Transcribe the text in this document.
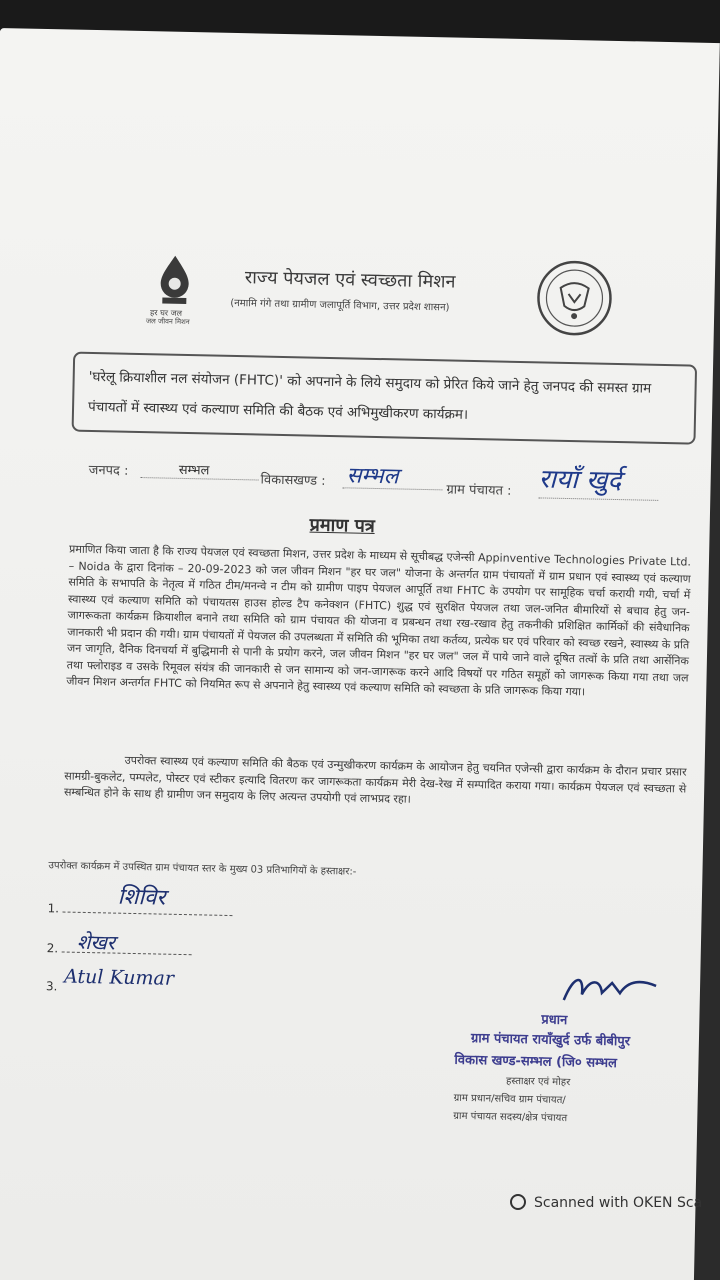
हर घर जल
जल जीवन मिशन
राज्य पेयजल एवं स्वच्छता मिशन
(नमामि गंगे तथा ग्रामीण जलापूर्ति विभाग, उत्तर प्रदेश शासन)
'घरेलू क्रियाशील नल संयोजन (FHTC)' को अपनाने के लिये समुदाय को प्रेरित किये जाने हेतु जनपद की समस्त ग्राम पंचायतों में स्वास्थ्य एवं कल्याण समिति की बैठक एवं अभिमुखीकरण कार्यक्रम।
जनपद :	सम्भल
विकासखण्ड : सम्भल
ग्राम पंचायत : रायाँ खुर्द
प्रमाण पत्र
प्रमाणित किया जाता है कि राज्य पेयजल एवं स्वच्छता मिशन, उत्तर प्रदेश के माध्यम से सूचीबद्ध एजेन्सी Appinventive Technologies Private Ltd. – Noida के द्वारा दिनांक – 20-09-2023 को जल जीवन मिशन "हर घर जल" योजना के अन्तर्गत ग्राम पंचायतों में ग्राम प्रधान एवं स्वास्थ्य एवं कल्याण समिति के सभापति के नेतृत्व में गठित टीम/मनन्वे न टीम को ग्रामीण पाइप पेयजल आपूर्ति तथा FHTC के उपयोग पर सामूहिक चर्चा करायी गयी, चर्चा में स्वास्थ्य एवं कल्याण समिति को पंचायतस हाउस होल्ड टैप कनेक्शन (FHTC) शुद्ध एवं सुरक्षित पेयजल तथा जल-जनित बीमारियों से बचाव हेतु जन-जागरूकता कार्यक्रम क्रियाशील बनाने तथा समिति को ग्राम पंचायत की योजना व प्रबन्धन तथा रख-रखाव हेतु तकनीकी प्रशिक्षित कार्मिकों की संवैधानिक जानकारी भी प्रदान की गयी। ग्राम पंचायतों में पेयजल की उपलब्धता में समिति की भूमिका तथा कर्तव्य, प्रत्येक घर एवं परिवार को स्वच्छ रखने, स्वास्थ्य के प्रति जन जागृति, दैनिक दिनचर्या में बुद्धिमानी से पानी के प्रयोग करने, जल जीवन मिशन "हर घर जल" जल में पाये जाने वाले दूषित तत्वों के प्रति तथा आर्सेनिक तथा फ्लोराइड व उसके रिमूवल संयंत्र की जानकारी से जन सामान्य को जन-जागरूक करने आदि विषयों पर गठित समूहों को जागरूक किया गया तथा जल जीवन मिशन अन्तर्गत FHTC को नियमित रूप से अपनाने हेतु स्वास्थ्य एवं कल्याण समिति को स्वच्छता के प्रति जागरूक किया गया।
उपरोक्त स्वास्थ्य एवं कल्याण समिति की बैठक एवं उन्मुखीकरण कार्यक्रम के आयोजन हेतु चयनित एजेन्सी द्वारा कार्यक्रम के दौरान प्रचार प्रसार सामग्री-बुकलेट, पम्पलेट, पोस्टर एवं स्टीकर इत्यादि वितरण कर जागरूकता कार्यक्रम मेरी देख-रेख में सम्पादित कराया गया। कार्यक्रम पेयजल एवं स्वच्छता से सम्बन्धित होने के साथ ही ग्रामीण जन समुदाय के लिए अत्यन्त उपयोगी एवं लाभप्रद रहा।
उपरोक्त कार्यक्रम में उपस्थित ग्राम पंचायत स्तर के मुख्य 03 प्रतिभागियों के हस्ताक्षर:-
1.	शिविर
2. शेखर
3. Atul Kumar
प्रधान
ग्राम पंचायत रायाँखुर्द उर्फ बीबीपुर
विकास खण्ड-सम्भल (जि० सम्भल
हस्ताक्षर एवं मोहर
ग्राम प्रधान/सचिव ग्राम पंचायत/
ग्राम पंचायत सदस्य/क्षेत्र पंचायत
Scanned with OKEN Sca
